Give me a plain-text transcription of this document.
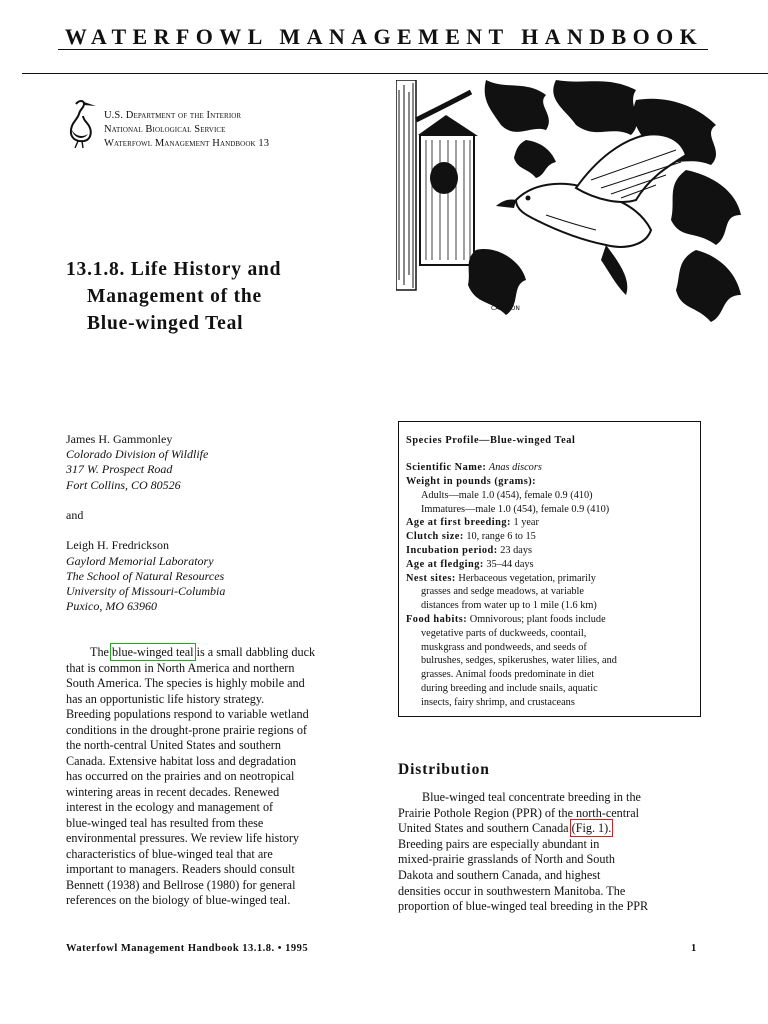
WATERFOWL MANAGEMENT HANDBOOK
U.S. Department of the Interior
National Biological Service
Waterfowl Management Handbook 13
CARLSON
13.1.8. Life History and
Management of the
Blue-winged Teal
James H. Gammonley
Colorado Division of Wildlife
317 W. Prospect Road
Fort Collins, CO 80526
and
Leigh H. Fredrickson
Gaylord Memorial Laboratory
The School of Natural Resources
University of Missouri-Columbia
Puxico, MO 63960
The blue-winged teal is a small dabbling duck
that is common in North America and northern
South America. The species is highly mobile and
has an opportunistic life history strategy.
Breeding populations respond to variable wetland
conditions in the drought-prone prairie regions of
the north-central United States and southern
Canada. Extensive habitat loss and degradation
has occurred on the prairies and on neotropical
wintering areas in recent decades. Renewed
interest in the ecology and management of
blue-winged teal has resulted from these
environmental pressures. We review life history
characteristics of blue-winged teal that are
important to managers. Readers should consult
Bennett (1938) and Bellrose (1980) for general
references on the biology of blue-winged teal.
Species Profile—Blue-winged Teal
Scientific Name: Anas discors
Weight in pounds (grams):
Adults—male 1.0 (454), female 0.9 (410)
Immatures—male 1.0 (454), female 0.9 (410)
Age at first breeding: 1 year
Clutch size: 10, range 6 to 15
Incubation period: 23 days
Age at fledging: 35–44 days
Nest sites: Herbaceous vegetation, primarily
grasses and sedge meadows, at variable
distances from water up to 1 mile (1.6 km)
Food habits: Omnivorous; plant foods include
vegetative parts of duckweeds, coontail,
muskgrass and pondweeds, and seeds of
bulrushes, sedges, spikerushes, water lilies, and
grasses. Animal foods predominate in diet
during breeding and include snails, aquatic
insects, fairy shrimp, and crustaceans
Distribution
Blue-winged teal concentrate breeding in the
Prairie Pothole Region (PPR) of the north-central
United States and southern Canada (Fig. 1).
Breeding pairs are especially abundant in
mixed-prairie grasslands of North and South
Dakota and southern Canada, and highest
densities occur in southwestern Manitoba. The
proportion of blue-winged teal breeding in the PPR
Waterfowl Management Handbook 13.1.8. • 1995	1
